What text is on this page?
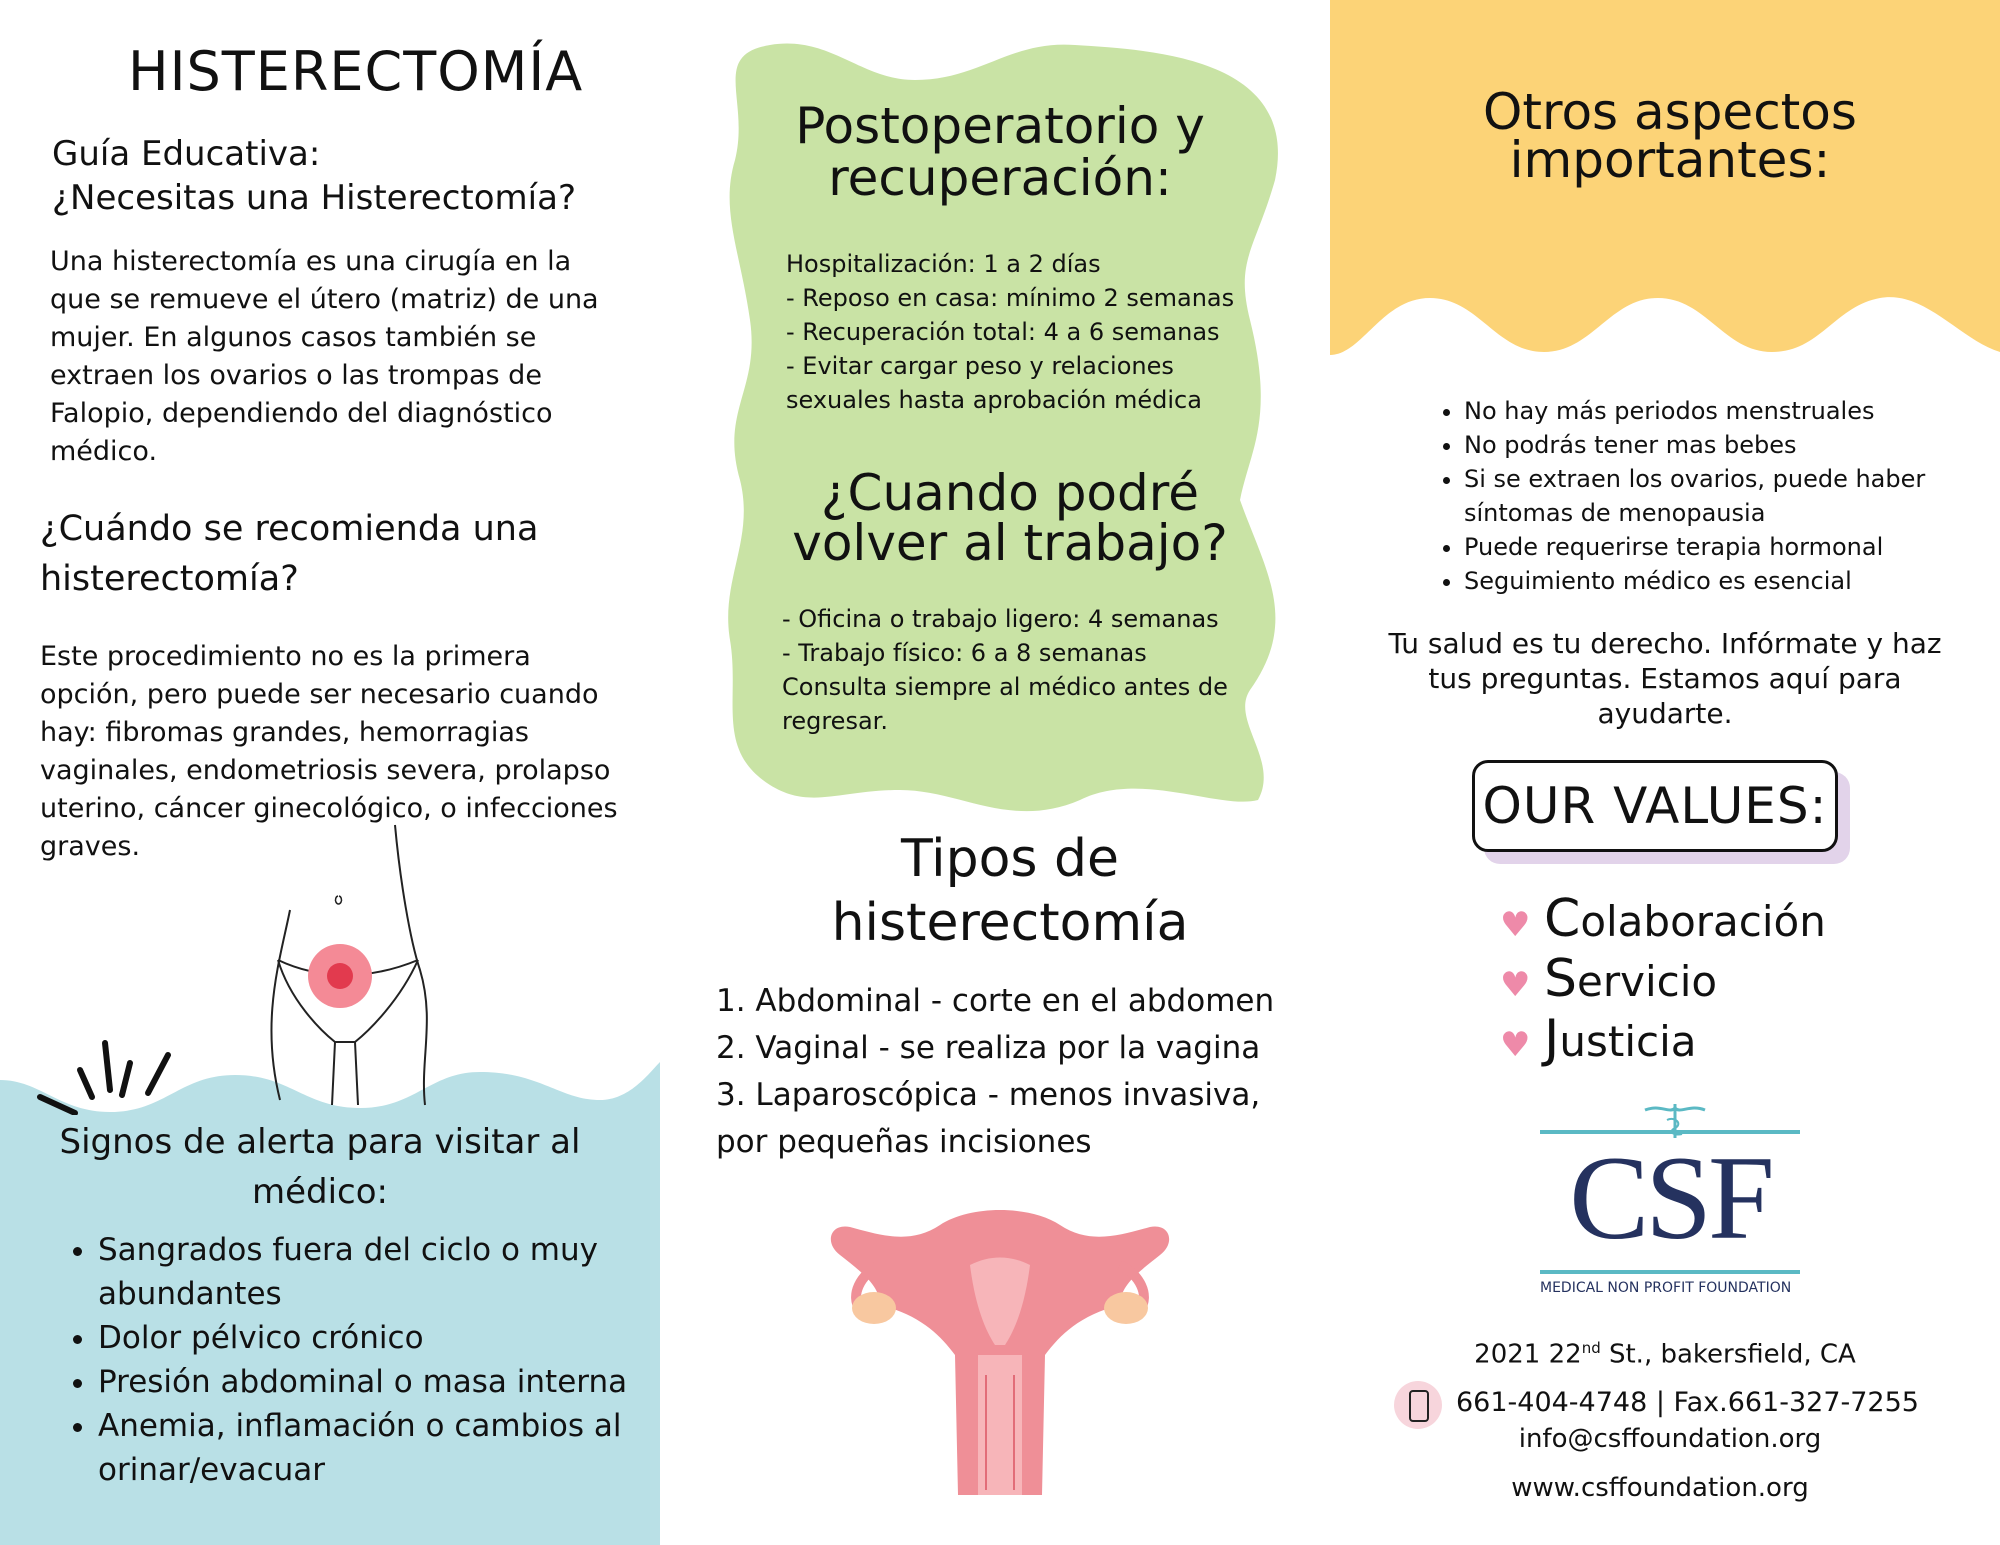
HISTERECTOMÍA
Guía Educativa:
¿Necesitas una Histerectomía?
Una histerectomía es una cirugía en la
que se remueve el útero (matriz) de una
mujer. En algunos casos también se
extraen los ovarios o las trompas de
Falopio, dependiendo del diagnóstico
médico.
¿Cuándo se recomienda una
histerectomía?
Este procedimiento no es la primera
opción, pero puede ser necesario cuando
hay: fibromas grandes, hemorragias
vaginales, endometriosis severa, prolapso
uterino, cáncer ginecológico, o infecciones
graves.
Signos de alerta para visitar al
médico:
• Sangrados fuera del ciclo o muy abundantes
• Dolor pélvico crónico
• Presión abdominal o masa interna
• Anemia, inflamación o cambios al orinar/evacuar
Postoperatorio y
recuperación:
Hospitalización: 1 a 2 días
- Reposo en casa: mínimo 2 semanas
- Recuperación total: 4 a 6 semanas
- Evitar cargar peso y relaciones
sexuales hasta aprobación médica
¿Cuando podré
volver al trabajo?
- Oficina o trabajo ligero: 4 semanas
- Trabajo físico: 6 a 8 semanas
Consulta siempre al médico antes de
regresar.
Tipos de
histerectomía
1. Abdominal - corte en el abdomen
2. Vaginal - se realiza por la vagina
3. Laparoscópica - menos invasiva,
por pequeñas incisiones
Otros aspectos
importantes:
• No hay más periodos menstruales
• No podrás tener mas bebes
• Si se extraen los ovarios, puede haber síntomas de menopausia
• Puede requerirse terapia hormonal
• Seguimiento médico es esencial
Tu salud es tu derecho. Infórmate y haz
tus preguntas. Estamos aquí para
ayudarte.
OUR VALUES:
♥ Colaboración
♥ Servicio
♥ Justicia
CSF
MEDICAL NON PROFIT FOUNDATION
2021 22nd St., bakersfield, CA
661-404-4748 | Fax.661-327-7255
info@csffoundation.org
www.csffoundation.org
